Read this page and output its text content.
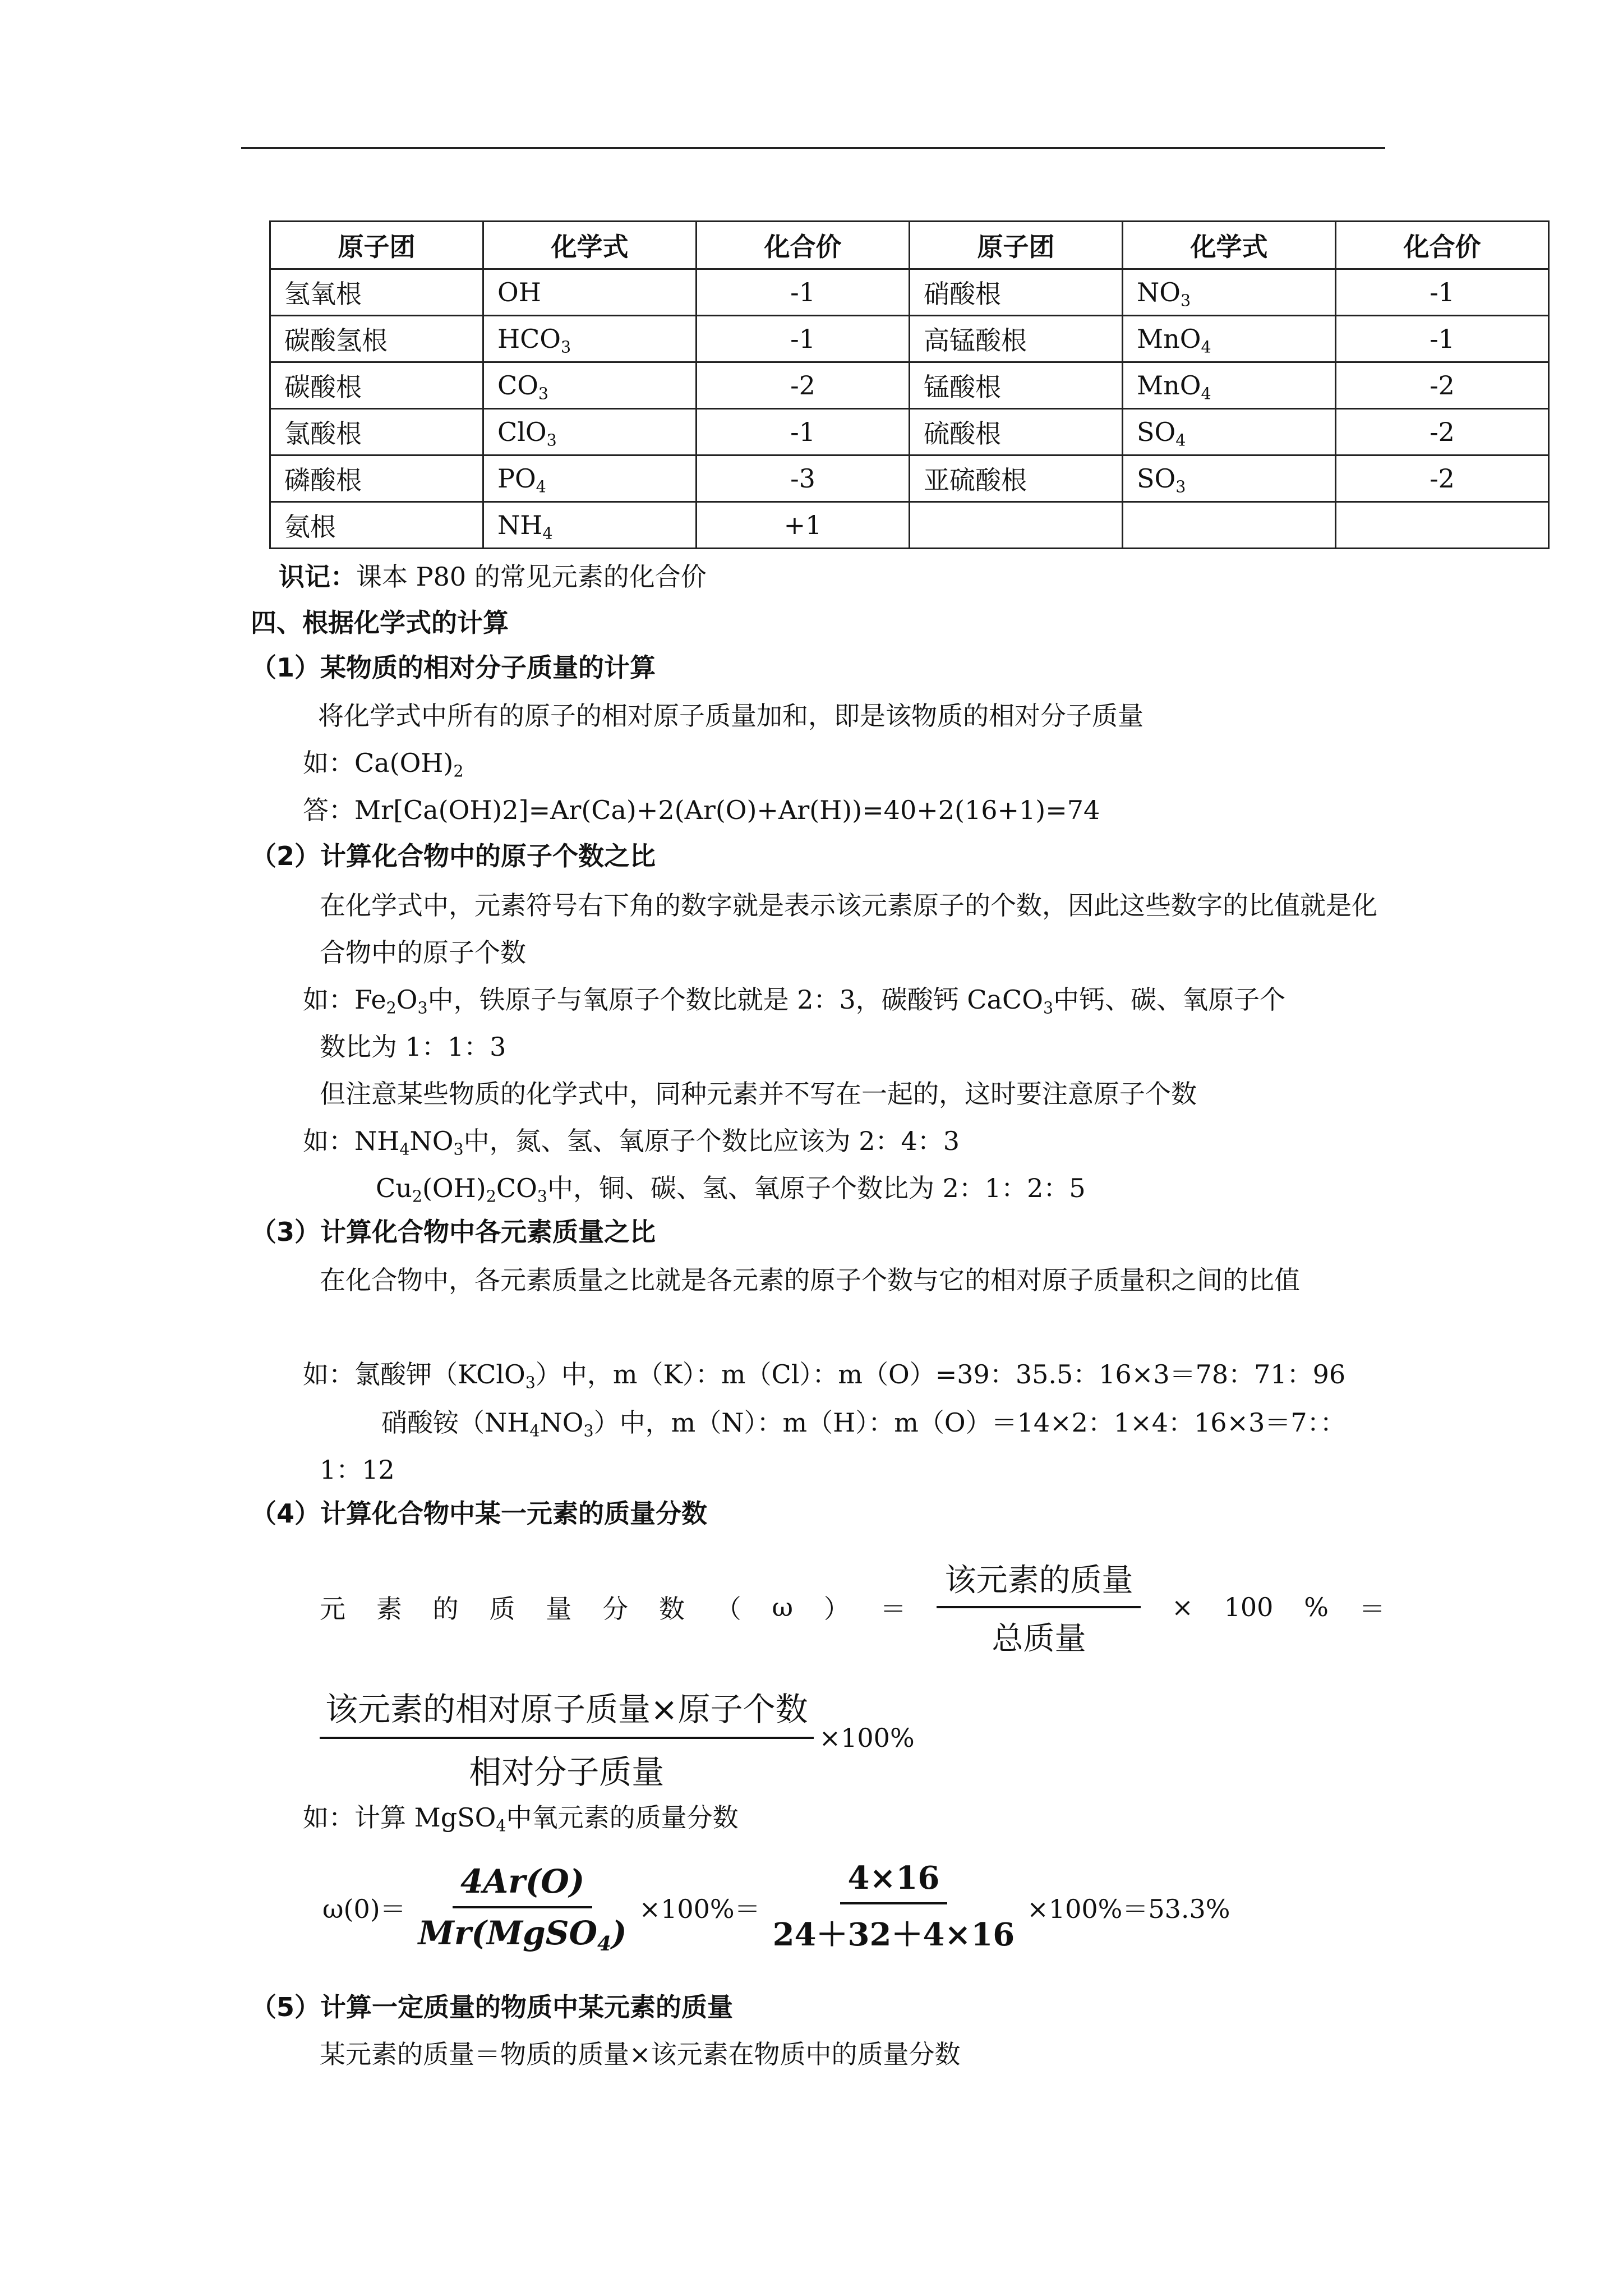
原子团	化学式	化合价	原子团	化学式	化合价
氢氧根	OH	-1	硝酸根	$NO_3$	-1
碳酸氢根	$HCO_3$	-1	高锰酸根	MnO$_4$	-1
碳酸根	$CO_3$	-2	锰酸根	MnO$_4$	-2
氯酸根	ClO$_3$	-1	硫酸根	$SO_4$	-2
磷酸根	$PO_4$	-3	亚硫酸根	$SO_3$	-2
氨根	$NH_4$	+1			
识记：课本 P80 的常见元素的化合价
四、根据化学式的计算
（1）某物质的相对分子质量的计算
将化学式中所有的原子的相对原子质量加和，即是该物质的相对分子质量
如：$Ca(OH)_2$
答：Mr[Ca(OH)2]=Ar(Ca)+2(Ar(O)+Ar(H))=40+2(16+1)=74
（2）计算化合物中的原子个数之比
在化学式中，元素符号右下角的数字就是表示该元素原子的个数，因此这些数字的比值就是化合物中的原子个数
如：$Fe_2O_3$中，铁原子与氧原子个数比就是 2：3，碳酸钙 CaCO$_3$中钙、碳、氧原子个
数比为 1：1：3
但注意某些物质的化学式中，同种元素并不写在一起的，这时要注意原子个数
如：$NH_4NO_3$中，氮、氢、氧原子个数比应该为 2：4：3
$Cu_2(OH)_2CO_3$中，铜、碳、氢、氧原子个数比为 2：1：2：5
（3）计算化合物中各元素质量之比
在化合物中，各元素质量之比就是各元素的原子个数与它的相对原子质量积之间的比值
如：氯酸钾（KClO$_3$）中，m（K）：m（Cl）：m（O）=39：35.5：16×3＝78：71：96
硝酸铵$(NH_4NO_3)$中，m（N）：m（H）：m（O）＝14×2：1×4：16×3＝7：：
1：12
（4）计算化合物中某一元素的质量分数
元 素 的 质 量 分 数 （ ω ） ＝ $\frac{\text{该元素的质量}}{\text{总质量}} \times 100$ % ＝
$\frac{\text{该元素的相对原子质量×原子个数}}{\text{相对分子质量}} \times 100\%$
如：计算 MgSO$_4$中氧元素的质量分数
$\omega(0)= \frac{4Ar(O)}{Mr(MgSO_4)} \times 100\%= \frac{4\times 16}{24+32+4\times 16} \times 100\%=53.3\%$
（5）计算一定质量的物质中某元素的质量
某元素的质量＝物质的质量×该元素在物质中的质量分数
